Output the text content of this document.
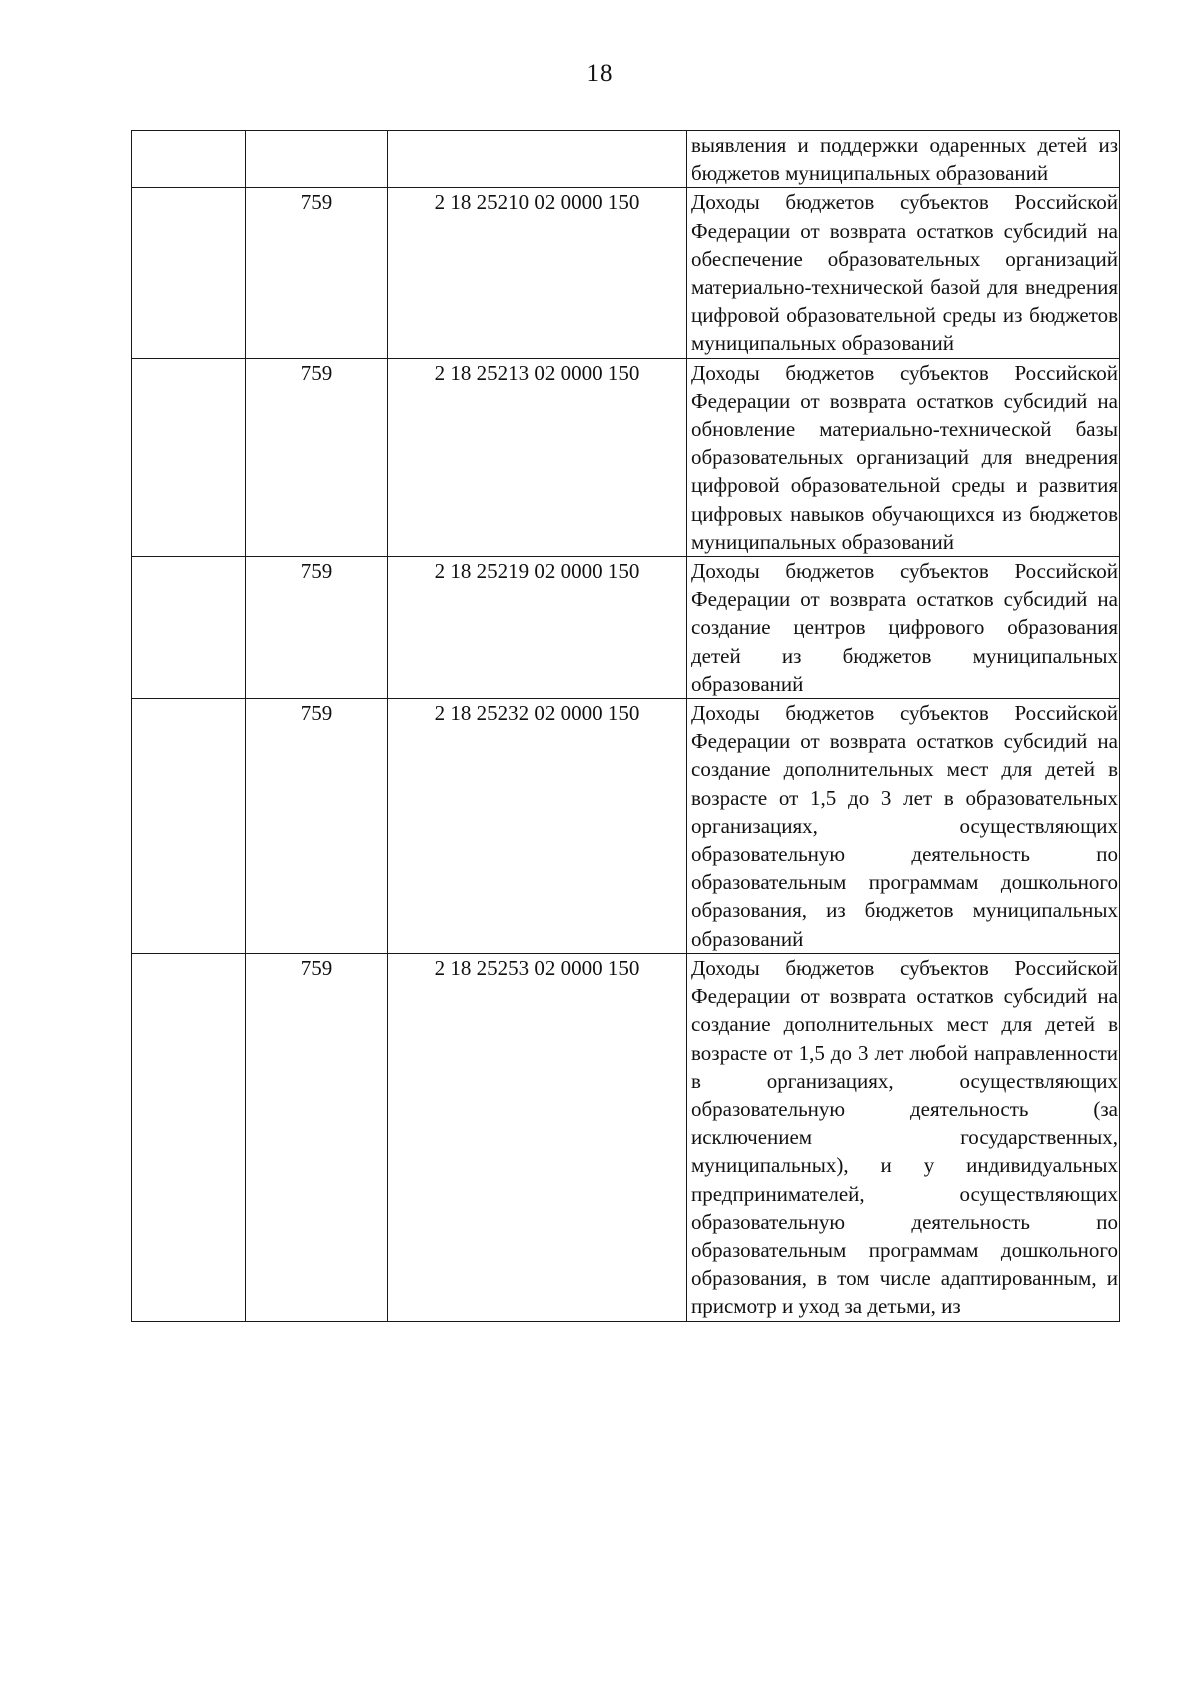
18
			выявления и поддержки одаренных детей из бюджетов муниципальных образований
	759	2 18 25210 02 0000 150	Доходы бюджетов субъектов Российской Федерации от возврата остатков субсидий на обеспечение образовательных организаций материально-технической базой для внедрения цифровой образовательной среды из бюджетов муниципальных образований
	759	2 18 25213 02 0000 150	Доходы бюджетов субъектов Российской Федерации от возврата остатков субсидий на обновление материально-технической базы образовательных организаций для внедрения цифровой образовательной среды и развития цифровых навыков обучающихся из бюджетов муниципальных образований
	759	2 18 25219 02 0000 150	Доходы бюджетов субъектов Российской Федерации от возврата остатков субсидий на создание центров цифрового образования детей из бюджетов муниципальных образований
	759	2 18 25232 02 0000 150	Доходы бюджетов субъектов Российской Федерации от возврата остатков субсидий на создание дополнительных мест для детей в возрасте от 1,5 до 3 лет в образовательных организациях, осуществляющих образовательную деятельность по образовательным программам дошкольного образования, из бюджетов муниципальных образований
	759	2 18 25253 02 0000 150	Доходы бюджетов субъектов Российской Федерации от возврата остатков субсидий на создание дополнительных мест для детей в возрасте от 1,5 до 3 лет любой направленности в организациях, осуществляющих образовательную деятельность (за исключением государственных, муниципальных), и у индивидуальных предпринимателей, осуществляющих образовательную деятельность по образовательным программам дошкольного образования, в том числе адаптированным, и присмотр и уход за детьми, из
